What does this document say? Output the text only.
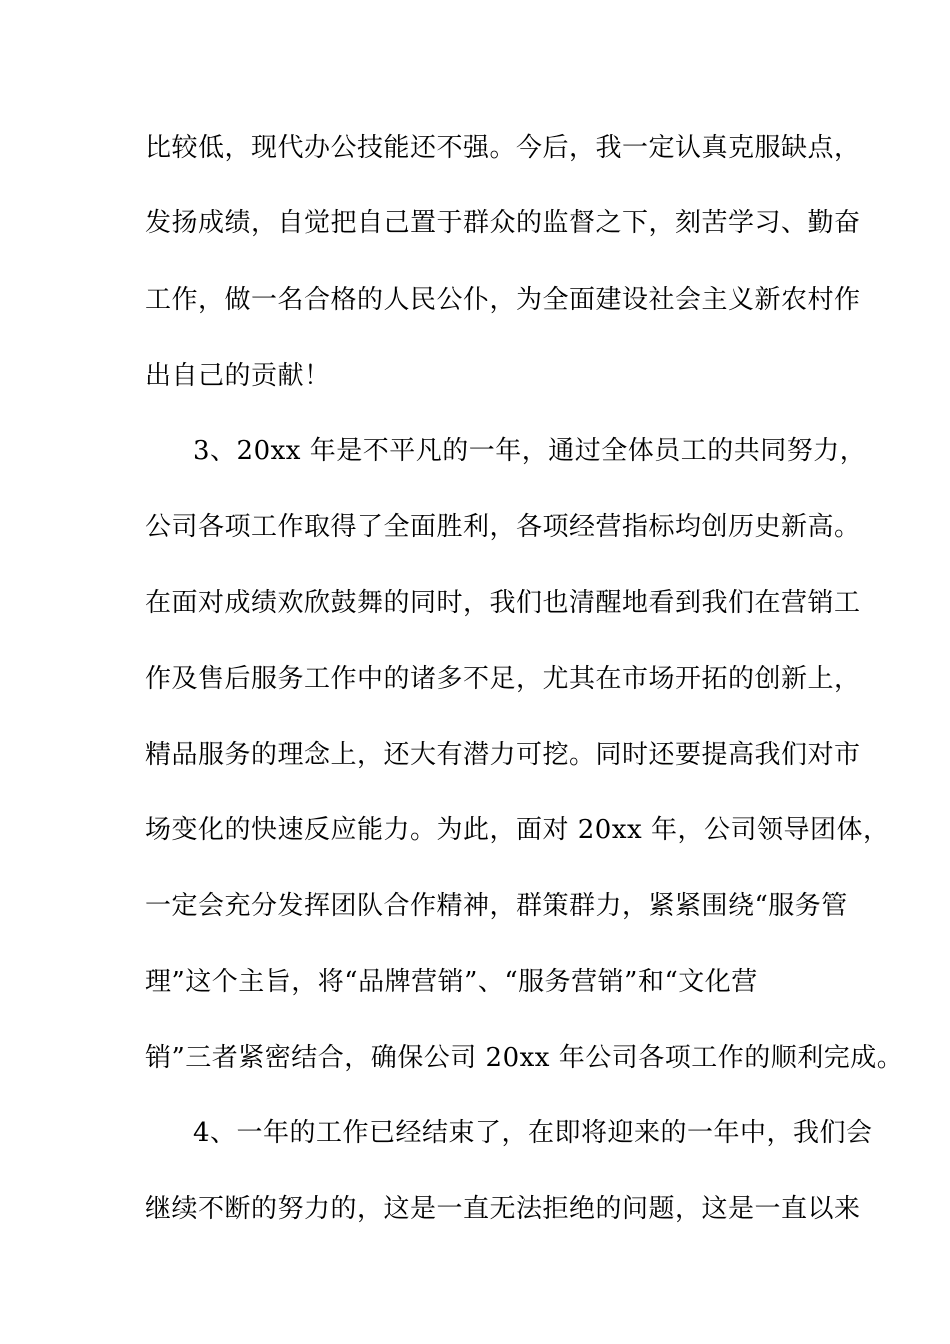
比较低，现代办公技能还不强。今后，我一定认真克服缺点，
发扬成绩，自觉把自己置于群众的监督之下，刻苦学习、勤奋
工作，做一名合格的人民公仆，为全面建设社会主义新农村作
出自己的贡献！
3、20xx 年是不平凡的一年，通过全体员工的共同努力，
公司各项工作取得了全面胜利，各项经营指标均创历史新高。
在面对成绩欢欣鼓舞的同时，我们也清醒地看到我们在营销工
作及售后服务工作中的诸多不足，尤其在市场开拓的创新上，
精品服务的理念上，还大有潜力可挖。同时还要提高我们对市
场变化的快速反应能力。为此，面对 20xx 年，公司领导团体，
一定会充分发挥团队合作精神，群策群力，紧紧围绕“服务管
理”这个主旨，将“品牌营销”、“服务营销”和“文化营
销”三者紧密结合，确保公司 20xx 年公司各项工作的顺利完成。
4、一年的工作已经结束了，在即将迎来的一年中，我们会
继续不断的努力的，这是一直无法拒绝的问题，这是一直以来
